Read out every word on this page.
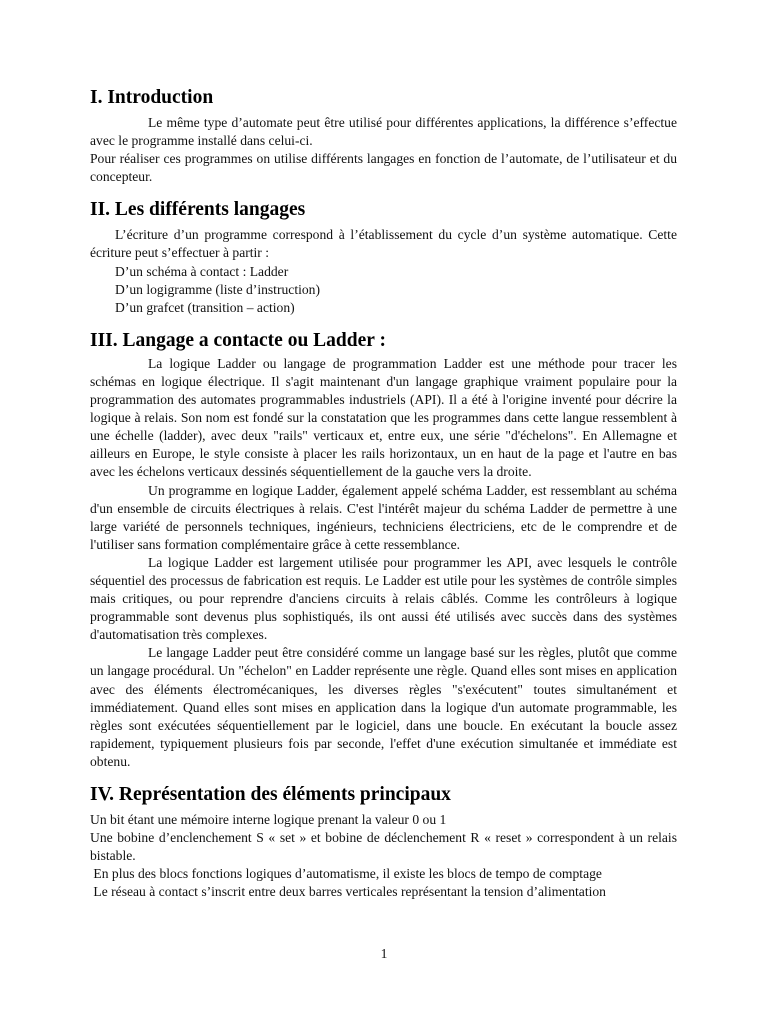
I. Introduction

Le même type d’automate peut être utilisé pour différentes applications, la différence s’effectue avec le programme installé dans celui-ci.

Pour réaliser ces programmes on utilise différents langages en fonction de l’automate, de l’utilisateur et du concepteur.

II. Les différents langages

L’écriture d’un programme correspond à l’établissement du cycle d’un système automatique. Cette écriture peut s’effectuer à partir :

D’un schéma à contact : Ladder

D’un logigramme (liste d’instruction)

D’un grafcet (transition – action)

III. Langage a contacte ou Ladder :

La logique Ladder ou langage de programmation Ladder est une méthode pour tracer les schémas en logique électrique. Il s'agit maintenant d'un langage graphique vraiment populaire pour la programmation des automates programmables industriels (API). Il a été à l'origine inventé pour décrire la logique à relais. Son nom est fondé sur la constatation que les programmes dans cette langue ressemblent à une échelle (ladder), avec deux "rails" verticaux et, entre eux, une série "d'échelons". En Allemagne et ailleurs en Europe, le style consiste à placer les rails horizontaux, un en haut de la page et l'autre en bas avec les échelons verticaux dessinés séquentiellement de la gauche vers la droite.

Un programme en logique Ladder, également appelé schéma Ladder, est ressemblant au schéma d'un ensemble de circuits électriques à relais. C'est l'intérêt majeur du schéma Ladder de permettre à une large variété de personnels techniques, ingénieurs, techniciens électriciens, etc de le comprendre et de l'utiliser sans formation complémentaire grâce à cette ressemblance.

La logique Ladder est largement utilisée pour programmer les API, avec lesquels le contrôle séquentiel des processus de fabrication est requis. Le Ladder est utile pour les systèmes de contrôle simples mais critiques, ou pour reprendre d'anciens circuits à relais câblés. Comme les contrôleurs à logique programmable sont devenus plus sophistiqués, ils ont aussi été utilisés avec succès dans des systèmes d'automatisation très complexes.

Le langage Ladder peut être considéré comme un langage basé sur les règles, plutôt que comme un langage procédural. Un "échelon" en Ladder représente une règle. Quand elles sont mises en application avec des éléments électromécaniques, les diverses règles "s'exécutent" toutes simultanément et immédiatement. Quand elles sont mises en application dans la logique d'un automate programmable, les règles sont exécutées séquentiellement par le logiciel, dans une boucle. En exécutant la boucle assez rapidement, typiquement plusieurs fois par seconde, l'effet d'une exécution simultanée et immédiate est obtenu.

IV. Représentation des éléments principaux

Un bit étant une mémoire interne logique prenant la valeur 0 ou 1

Une bobine d’enclenchement S « set » et bobine de déclenchement R « reset » correspondent à un relais bistable.

En plus des blocs fonctions logiques d’automatisme, il existe les blocs de tempo de comptage

Le réseau à contact s’inscrit entre deux barres verticales représentant la tension d’alimentation

1
